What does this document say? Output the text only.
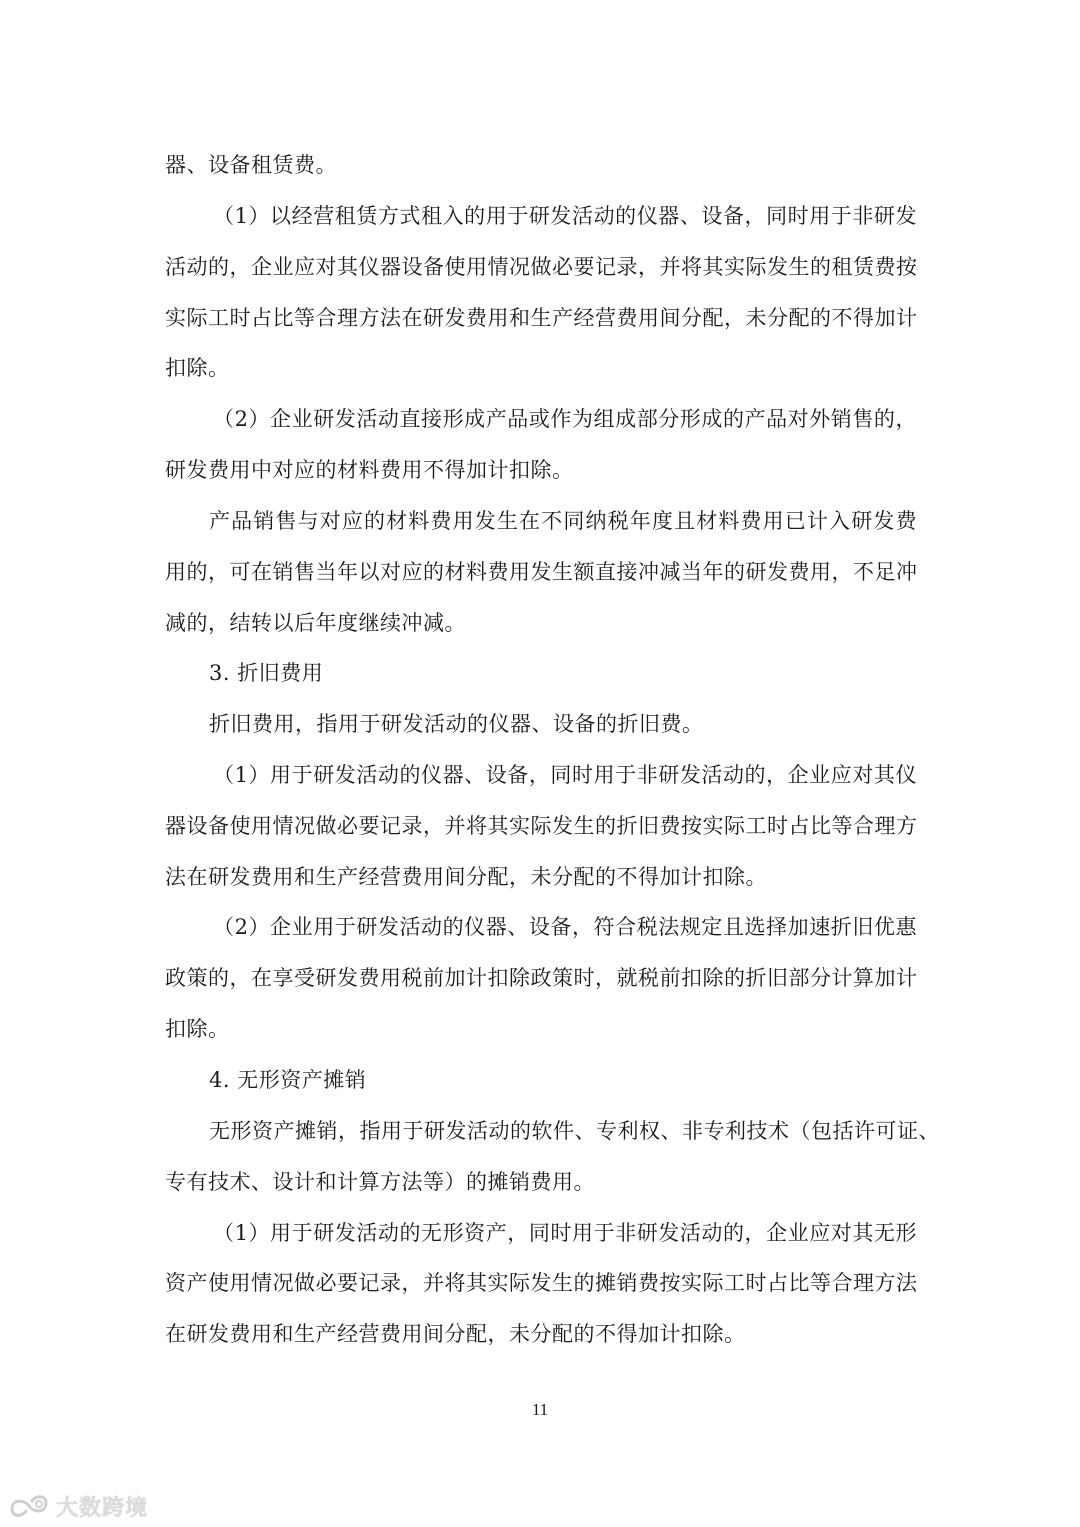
器、设备租赁费。
（1）以经营租赁方式租入的用于研发活动的仪器、设备，同时用于非研发
活动的，企业应对其仪器设备使用情况做必要记录，并将其实际发生的租赁费按
实际工时占比等合理方法在研发费用和生产经营费用间分配，未分配的不得加计
扣除。
（2）企业研发活动直接形成产品或作为组成部分形成的产品对外销售的，
研发费用中对应的材料费用不得加计扣除。
产品销售与对应的材料费用发生在不同纳税年度且材料费用已计入研发费
用的，可在销售当年以对应的材料费用发生额直接冲减当年的研发费用，不足冲
减的，结转以后年度继续冲减。
3. 折旧费用
折旧费用，指用于研发活动的仪器、设备的折旧费。
（1）用于研发活动的仪器、设备，同时用于非研发活动的，企业应对其仪
器设备使用情况做必要记录，并将其实际发生的折旧费按实际工时占比等合理方
法在研发费用和生产经营费用间分配，未分配的不得加计扣除。
（2）企业用于研发活动的仪器、设备，符合税法规定且选择加速折旧优惠
政策的，在享受研发费用税前加计扣除政策时，就税前扣除的折旧部分计算加计
扣除。
4. 无形资产摊销
无形资产摊销，指用于研发活动的软件、专利权、非专利技术（包括许可证、
专有技术、设计和计算方法等）的摊销费用。
（1）用于研发活动的无形资产，同时用于非研发活动的，企业应对其无形
资产使用情况做必要记录，并将其实际发生的摊销费按实际工时占比等合理方法
在研发费用和生产经营费用间分配，未分配的不得加计扣除。
11
大数跨境
